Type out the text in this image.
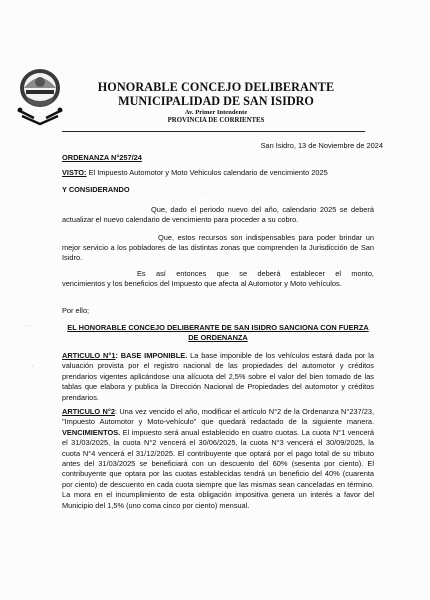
HONORABLE CONCEJO DELIBERANTE
MUNICIPALIDAD DE SAN ISIDRO
Av. Primer Intendente
PROVINCIA DE CORRIENTES
San Isidro, 13 de Noviembre de 2024
ORDENANZA N°257/24
VISTO: El Impuesto Automotor y Moto Vehiculos calendario de vencimiento 2025
Y CONSIDERANDO
Que, dado el periodo nuevo del año, calendario 2025 se deberá
actualizar el nuevo calendario de vencimiento para proceder a su cobro.
Que, estos recursos son indispensables para poder brindar un
mejor servicio a los pobladores de las distintas zonas que comprenden la Jurisdicción de San Isidro.
Es así entonces que se deberá establecer el monto,
vencimientos y los beneficios del Impuesto que afecta al Automotor y Moto vehículos.
Por ello;
EL HONORABLE CONCEJO DELIBERANTE DE SAN ISIDRO SANCIONA CON FUERZA DE ORDENANZA
ARTICULO N°1: BASE IMPONIBLE. La base imponible de los vehículos estará dada por la valuación provista por el registro nacional de las propiedades del automotor y créditos prendarios vigentes aplicándose una alícuota del 2,5% sobre el valor del bien tomado de las tablas que elabora y publica la Dirección Nacional de Propiedades del automotor y créditos prendarios.
ARTICULO N°2: Una vez vencido el año, modificar el artículo N°2 de la Ordenanza N°237/23, "Impuesto Automotor y Moto-vehículo" que quedará redactado de la siguiente manera. VENCIMIENTOS. El impuesto será anual establecido en cuatro cuotas. La cuota N°1 vencerá el 31/03/2025, la cuota N°2 vencerá el 30/06/2025, la cuota N°3 vencerá el 30/09/2025, la cuota N°4 vencerá el 31/12/2025. El contribuyente que optará por el pago total de su tributo antes del 31/03/2025 se beneficiará con un descuento del 60% (sesenta por ciento). El contribuyente que optara por las cuotas establecidas tendrá un beneficio del 40% (cuarenta por ciento) de descuento en cada cuota siempre que las mismas sean canceladas en término. La mora en el incumplimiento de esta obligación impositiva genera un interés a favor del Municipio del 1,5% (uno coma cinco por ciento) mensual.
· , .
.,
· .
